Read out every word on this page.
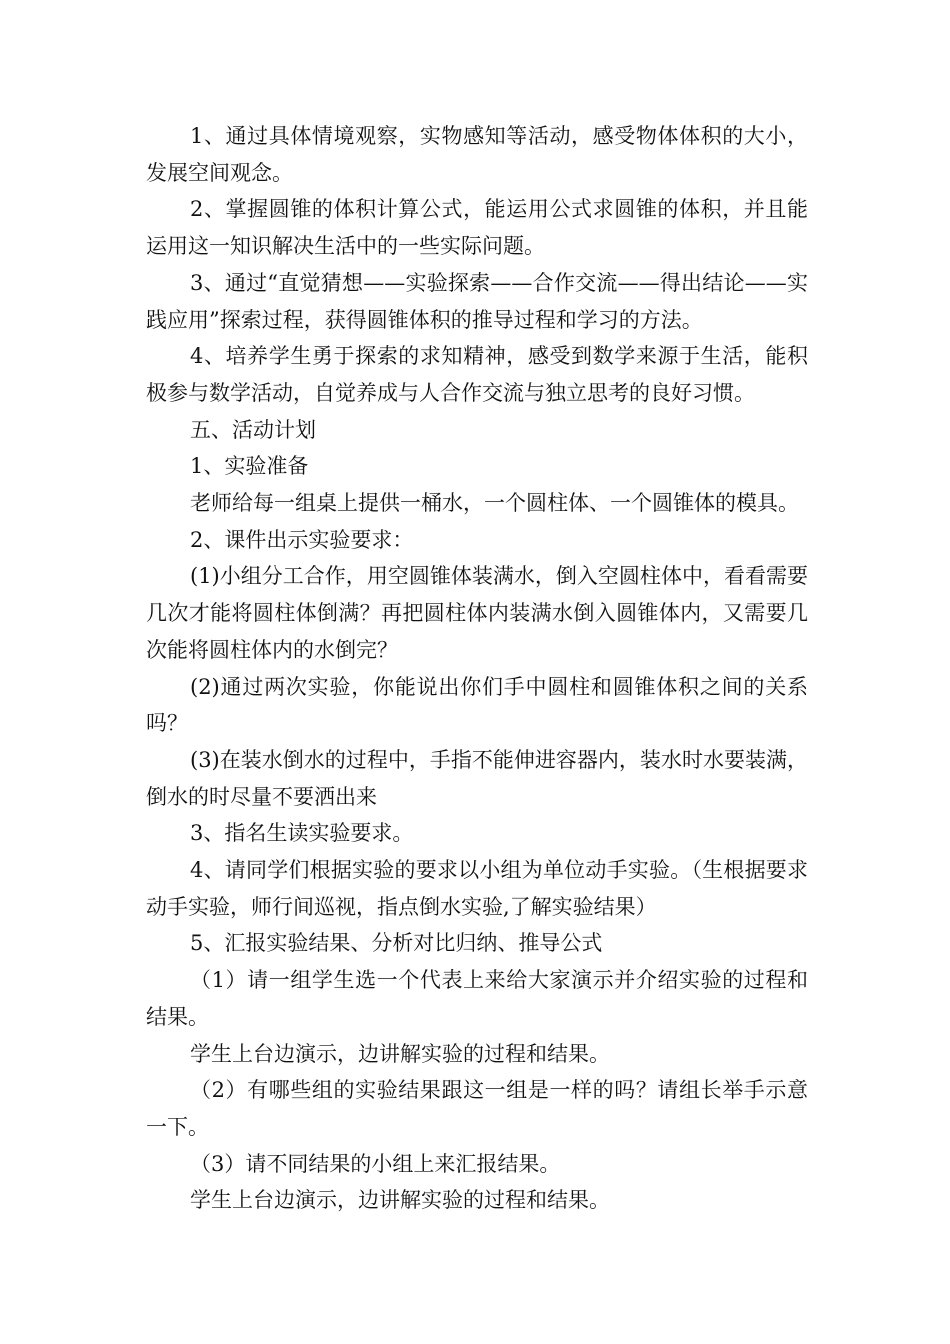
1、通过具体情境观察，实物感知等活动，感受物体体积的大小，发展空间观念。

2、掌握圆锥的体积计算公式，能运用公式求圆锥的体积，并且能运用这一知识解决生活中的一些实际问题。

3、通过“直觉猜想——实验探索——合作交流——得出结论——实践应用”探索过程，获得圆锥体积的推导过程和学习的方法。

4、培养学生勇于探索的求知精神，感受到数学来源于生活，能积极参与数学活动，自觉养成与人合作交流与独立思考的良好习惯。

五、活动计划

1、实验准备

老师给每一组桌上提供一桶水，一个圆柱体、一个圆锥体的模具。

2、课件出示实验要求：

(1)小组分工合作，用空圆锥体装满水，倒入空圆柱体中，看看需要几次才能将圆柱体倒满？再把圆柱体内装满水倒入圆锥体内，又需要几次能将圆柱体内的水倒完？

(2)通过两次实验，你能说出你们手中圆柱和圆锥体积之间的关系吗？

(3)在装水倒水的过程中，手指不能伸进容器内，装水时水要装满，倒水的时尽量不要洒出来

3、指名生读实验要求。

4、请同学们根据实验的要求以小组为单位动手实验。（生根据要求动手实验，师行间巡视，指点倒水实验,了解实验结果）

5、汇报实验结果、分析对比归纳、推导公式

（1）请一组学生选一个代表上来给大家演示并介绍实验的过程和结果。

学生上台边演示，边讲解实验的过程和结果。

（2）有哪些组的实验结果跟这一组是一样的吗？请组长举手示意一下。

（3）请不同结果的小组上来汇报结果。

学生上台边演示，边讲解实验的过程和结果。
